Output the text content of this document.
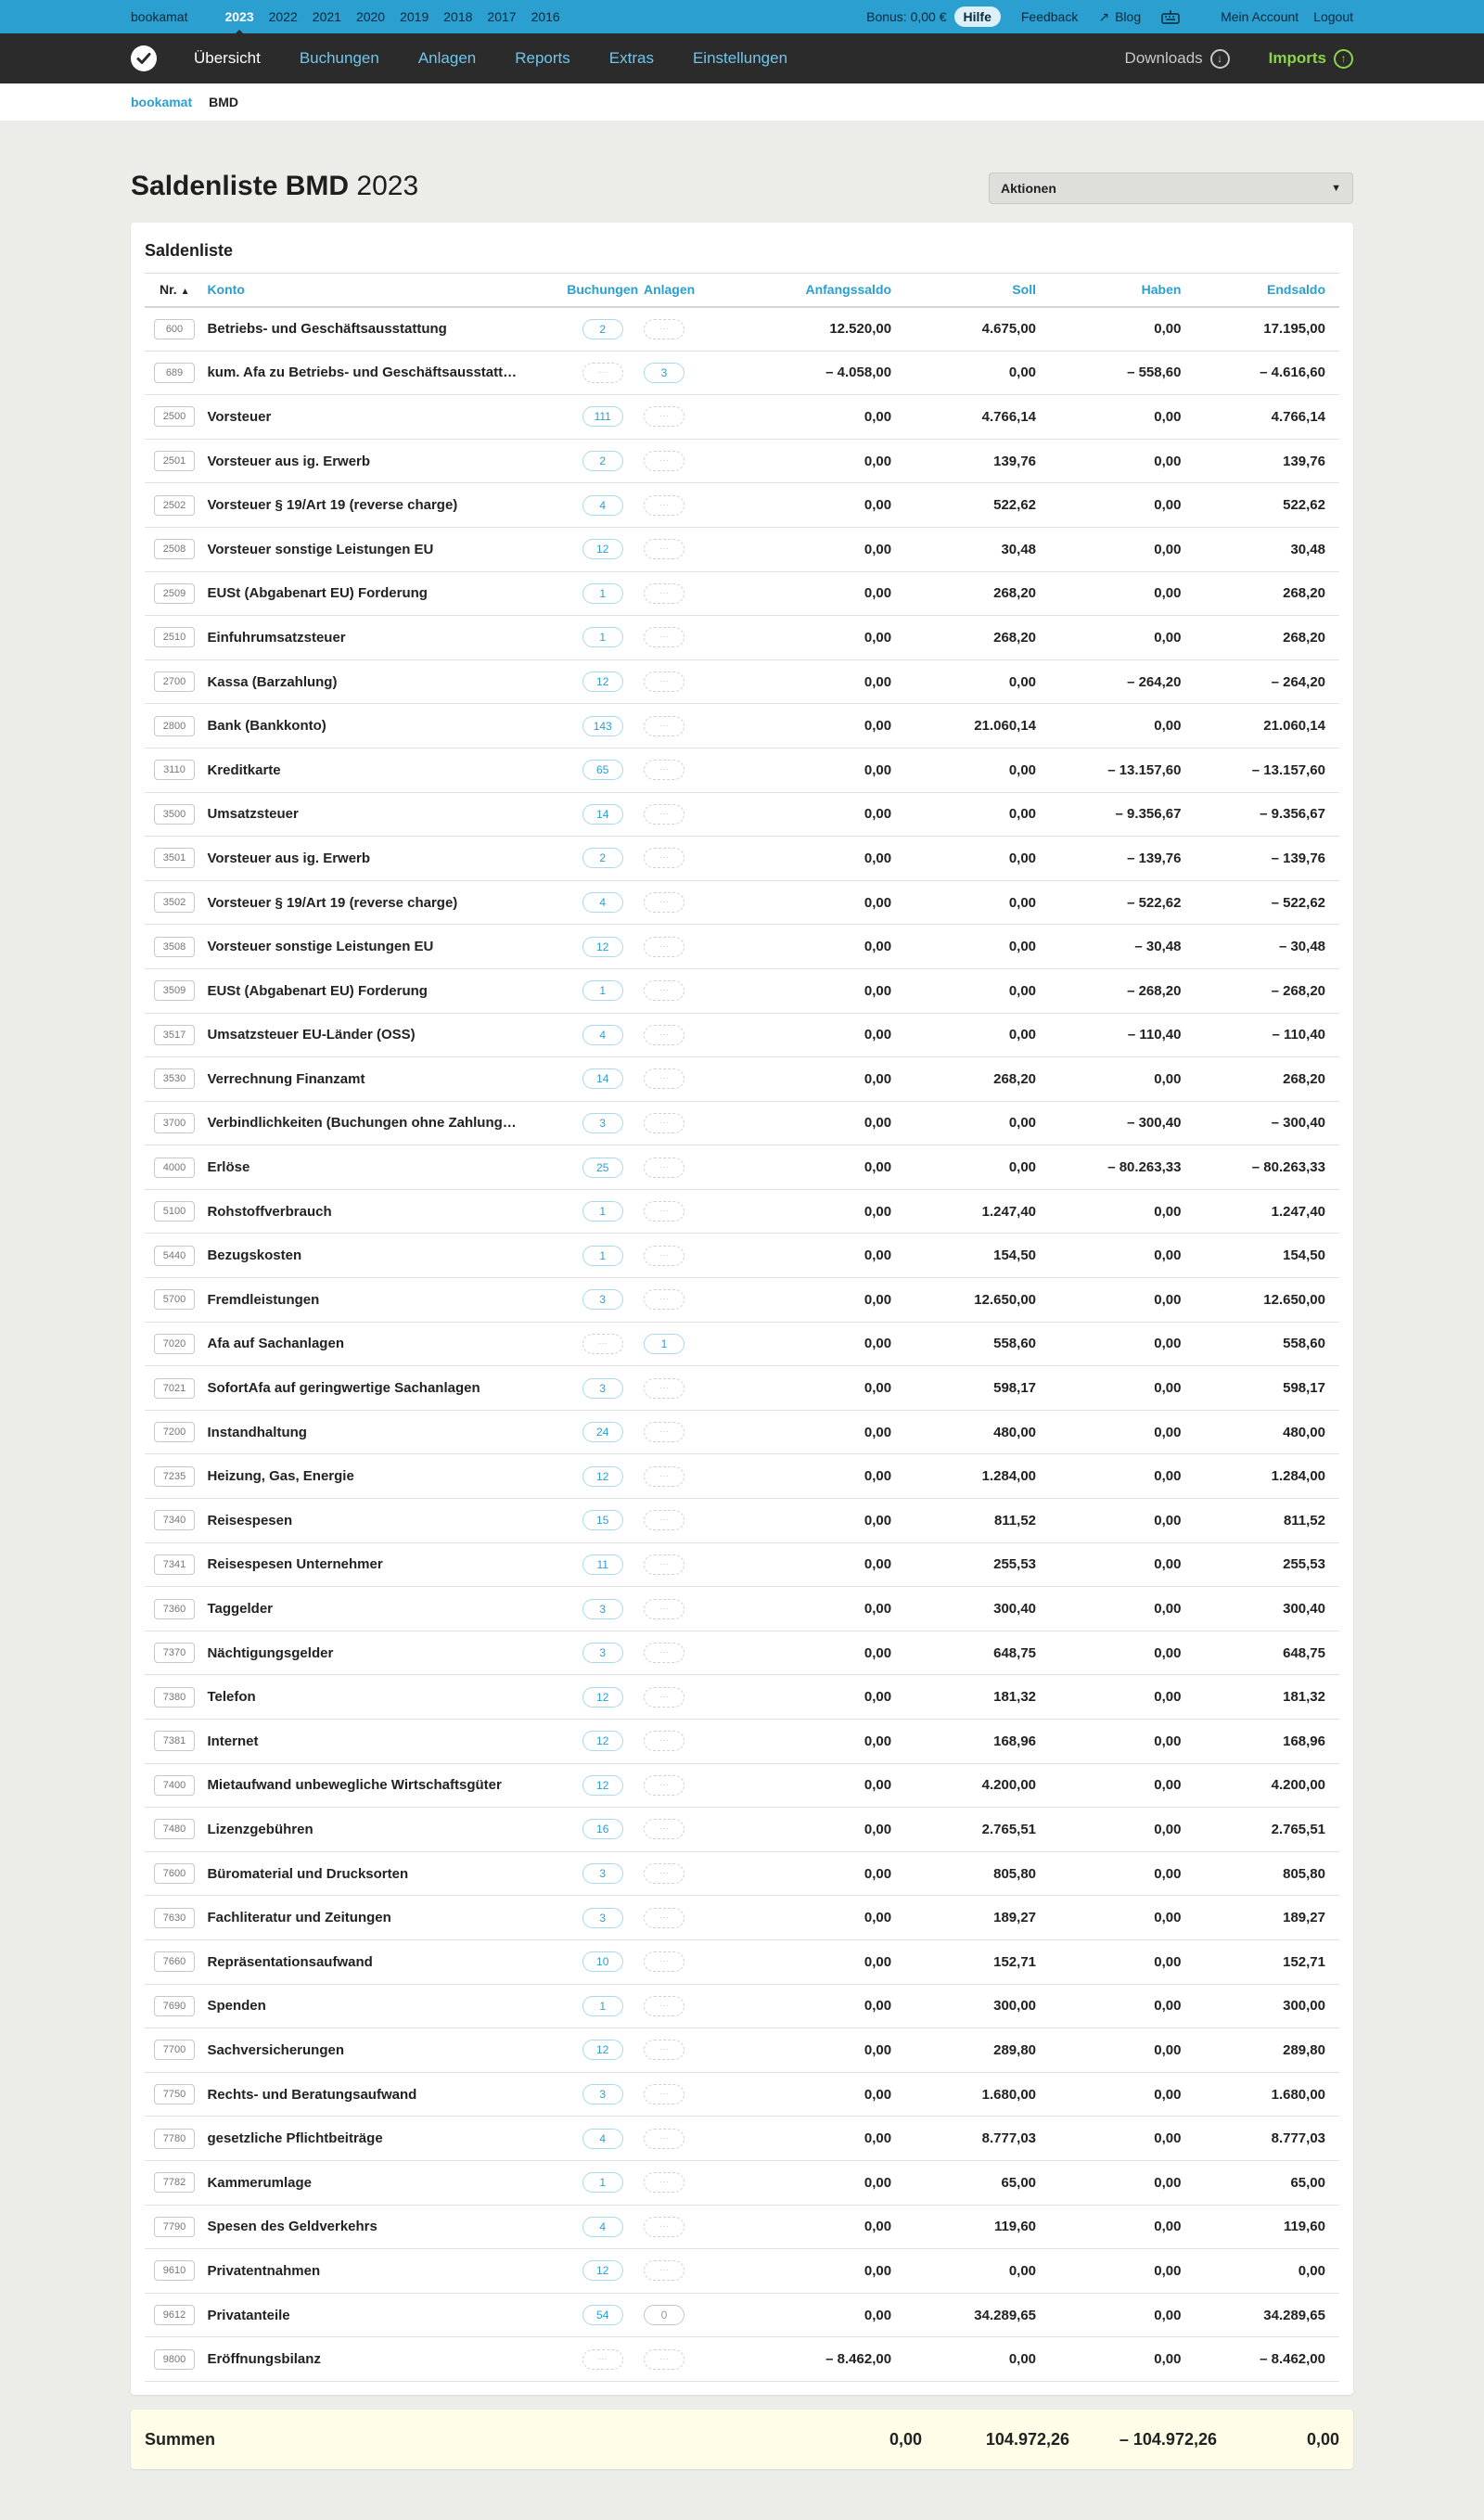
bookamat	2023 2022 2021 2020 2019 2018 2017 2016	Bonus: 0,00 €	Hilfe	Feedback ↗ Blog	Mein Account Logout
Übersicht Buchungen Anlagen Reports Extras Einstellungen	Downloads	↓	Imports	↑
bookamat BMD
Saldenliste BMD 2023	Aktionen	▼
Saldenliste
Nr. ▲	Konto	Buchungen	Anlagen	Anfangssaldo	Soll	Haben	Endsaldo
600	Betriebs- und Geschäftsausstattung	2	···	12.520,00	4.675,00	0,00	17.195,00
689	kum. Afa zu Betriebs- und Geschäftsausstatt…	···	3	– 4.058,00	0,00	– 558,60	– 4.616,60
2500	Vorsteuer	111	···	0,00	4.766,14	0,00	4.766,14
2501	Vorsteuer aus ig. Erwerb	2	···	0,00	139,76	0,00	139,76
2502	Vorsteuer § 19/Art 19 (reverse charge)	4	···	0,00	522,62	0,00	522,62
2508	Vorsteuer sonstige Leistungen EU	12	···	0,00	30,48	0,00	30,48
2509	EUSt (Abgabenart EU) Forderung	1	···	0,00	268,20	0,00	268,20
2510	Einfuhrumsatzsteuer	1	···	0,00	268,20	0,00	268,20
2700	Kassa (Barzahlung)	12	···	0,00	0,00	– 264,20	– 264,20
2800	Bank (Bankkonto)	143	···	0,00	21.060,14	0,00	21.060,14
3110	Kreditkarte	65	···	0,00	0,00	– 13.157,60	– 13.157,60
3500	Umsatzsteuer	14	···	0,00	0,00	– 9.356,67	– 9.356,67
3501	Vorsteuer aus ig. Erwerb	2	···	0,00	0,00	– 139,76	– 139,76
3502	Vorsteuer § 19/Art 19 (reverse charge)	4	···	0,00	0,00	– 522,62	– 522,62
3508	Vorsteuer sonstige Leistungen EU	12	···	0,00	0,00	– 30,48	– 30,48
3509	EUSt (Abgabenart EU) Forderung	1	···	0,00	0,00	– 268,20	– 268,20
3517	Umsatzsteuer EU-Länder (OSS)	4	···	0,00	0,00	– 110,40	– 110,40
3530	Verrechnung Finanzamt	14	···	0,00	268,20	0,00	268,20
3700	Verbindlichkeiten (Buchungen ohne Zahlung…	3	···	0,00	0,00	– 300,40	– 300,40
4000	Erlöse	25	···	0,00	0,00	– 80.263,33	– 80.263,33
5100	Rohstoffverbrauch	1	···	0,00	1.247,40	0,00	1.247,40
5440	Bezugskosten	1	···	0,00	154,50	0,00	154,50
5700	Fremdleistungen	3	···	0,00	12.650,00	0,00	12.650,00
7020	Afa auf Sachanlagen	···	1	0,00	558,60	0,00	558,60
7021	SofortAfa auf geringwertige Sachanlagen	3	···	0,00	598,17	0,00	598,17
7200	Instandhaltung	24	···	0,00	480,00	0,00	480,00
7235	Heizung, Gas, Energie	12	···	0,00	1.284,00	0,00	1.284,00
7340	Reisespesen	15	···	0,00	811,52	0,00	811,52
7341	Reisespesen Unternehmer	11	···	0,00	255,53	0,00	255,53
7360	Taggelder	3	···	0,00	300,40	0,00	300,40
7370	Nächtigungsgelder	3	···	0,00	648,75	0,00	648,75
7380	Telefon	12	···	0,00	181,32	0,00	181,32
7381	Internet	12	···	0,00	168,96	0,00	168,96
7400	Mietaufwand unbewegliche Wirtschaftsgüter	12	···	0,00	4.200,00	0,00	4.200,00
7480	Lizenzgebühren	16	···	0,00	2.765,51	0,00	2.765,51
7600	Büromaterial und Drucksorten	3	···	0,00	805,80	0,00	805,80
7630	Fachliteratur und Zeitungen	3	···	0,00	189,27	0,00	189,27
7660	Repräsentationsaufwand	10	···	0,00	152,71	0,00	152,71
7690	Spenden	1	···	0,00	300,00	0,00	300,00
7700	Sachversicherungen	12	···	0,00	289,80	0,00	289,80
7750	Rechts- und Beratungsaufwand	3	···	0,00	1.680,00	0,00	1.680,00
7780	gesetzliche Pflichtbeiträge	4	···	0,00	8.777,03	0,00	8.777,03
7782	Kammerumlage	1	···	0,00	65,00	0,00	65,00
7790	Spesen des Geldverkehrs	4	···	0,00	119,60	0,00	119,60
9610	Privatentnahmen	12	···	0,00	0,00	0,00	0,00
9612	Privatanteile	54	0	0,00	34.289,65	0,00	34.289,65
9800	Eröffnungsbilanz	···	···	– 8.462,00	0,00	0,00	– 8.462,00
Summen	0,00	104.972,26	– 104.972,26	0,00
